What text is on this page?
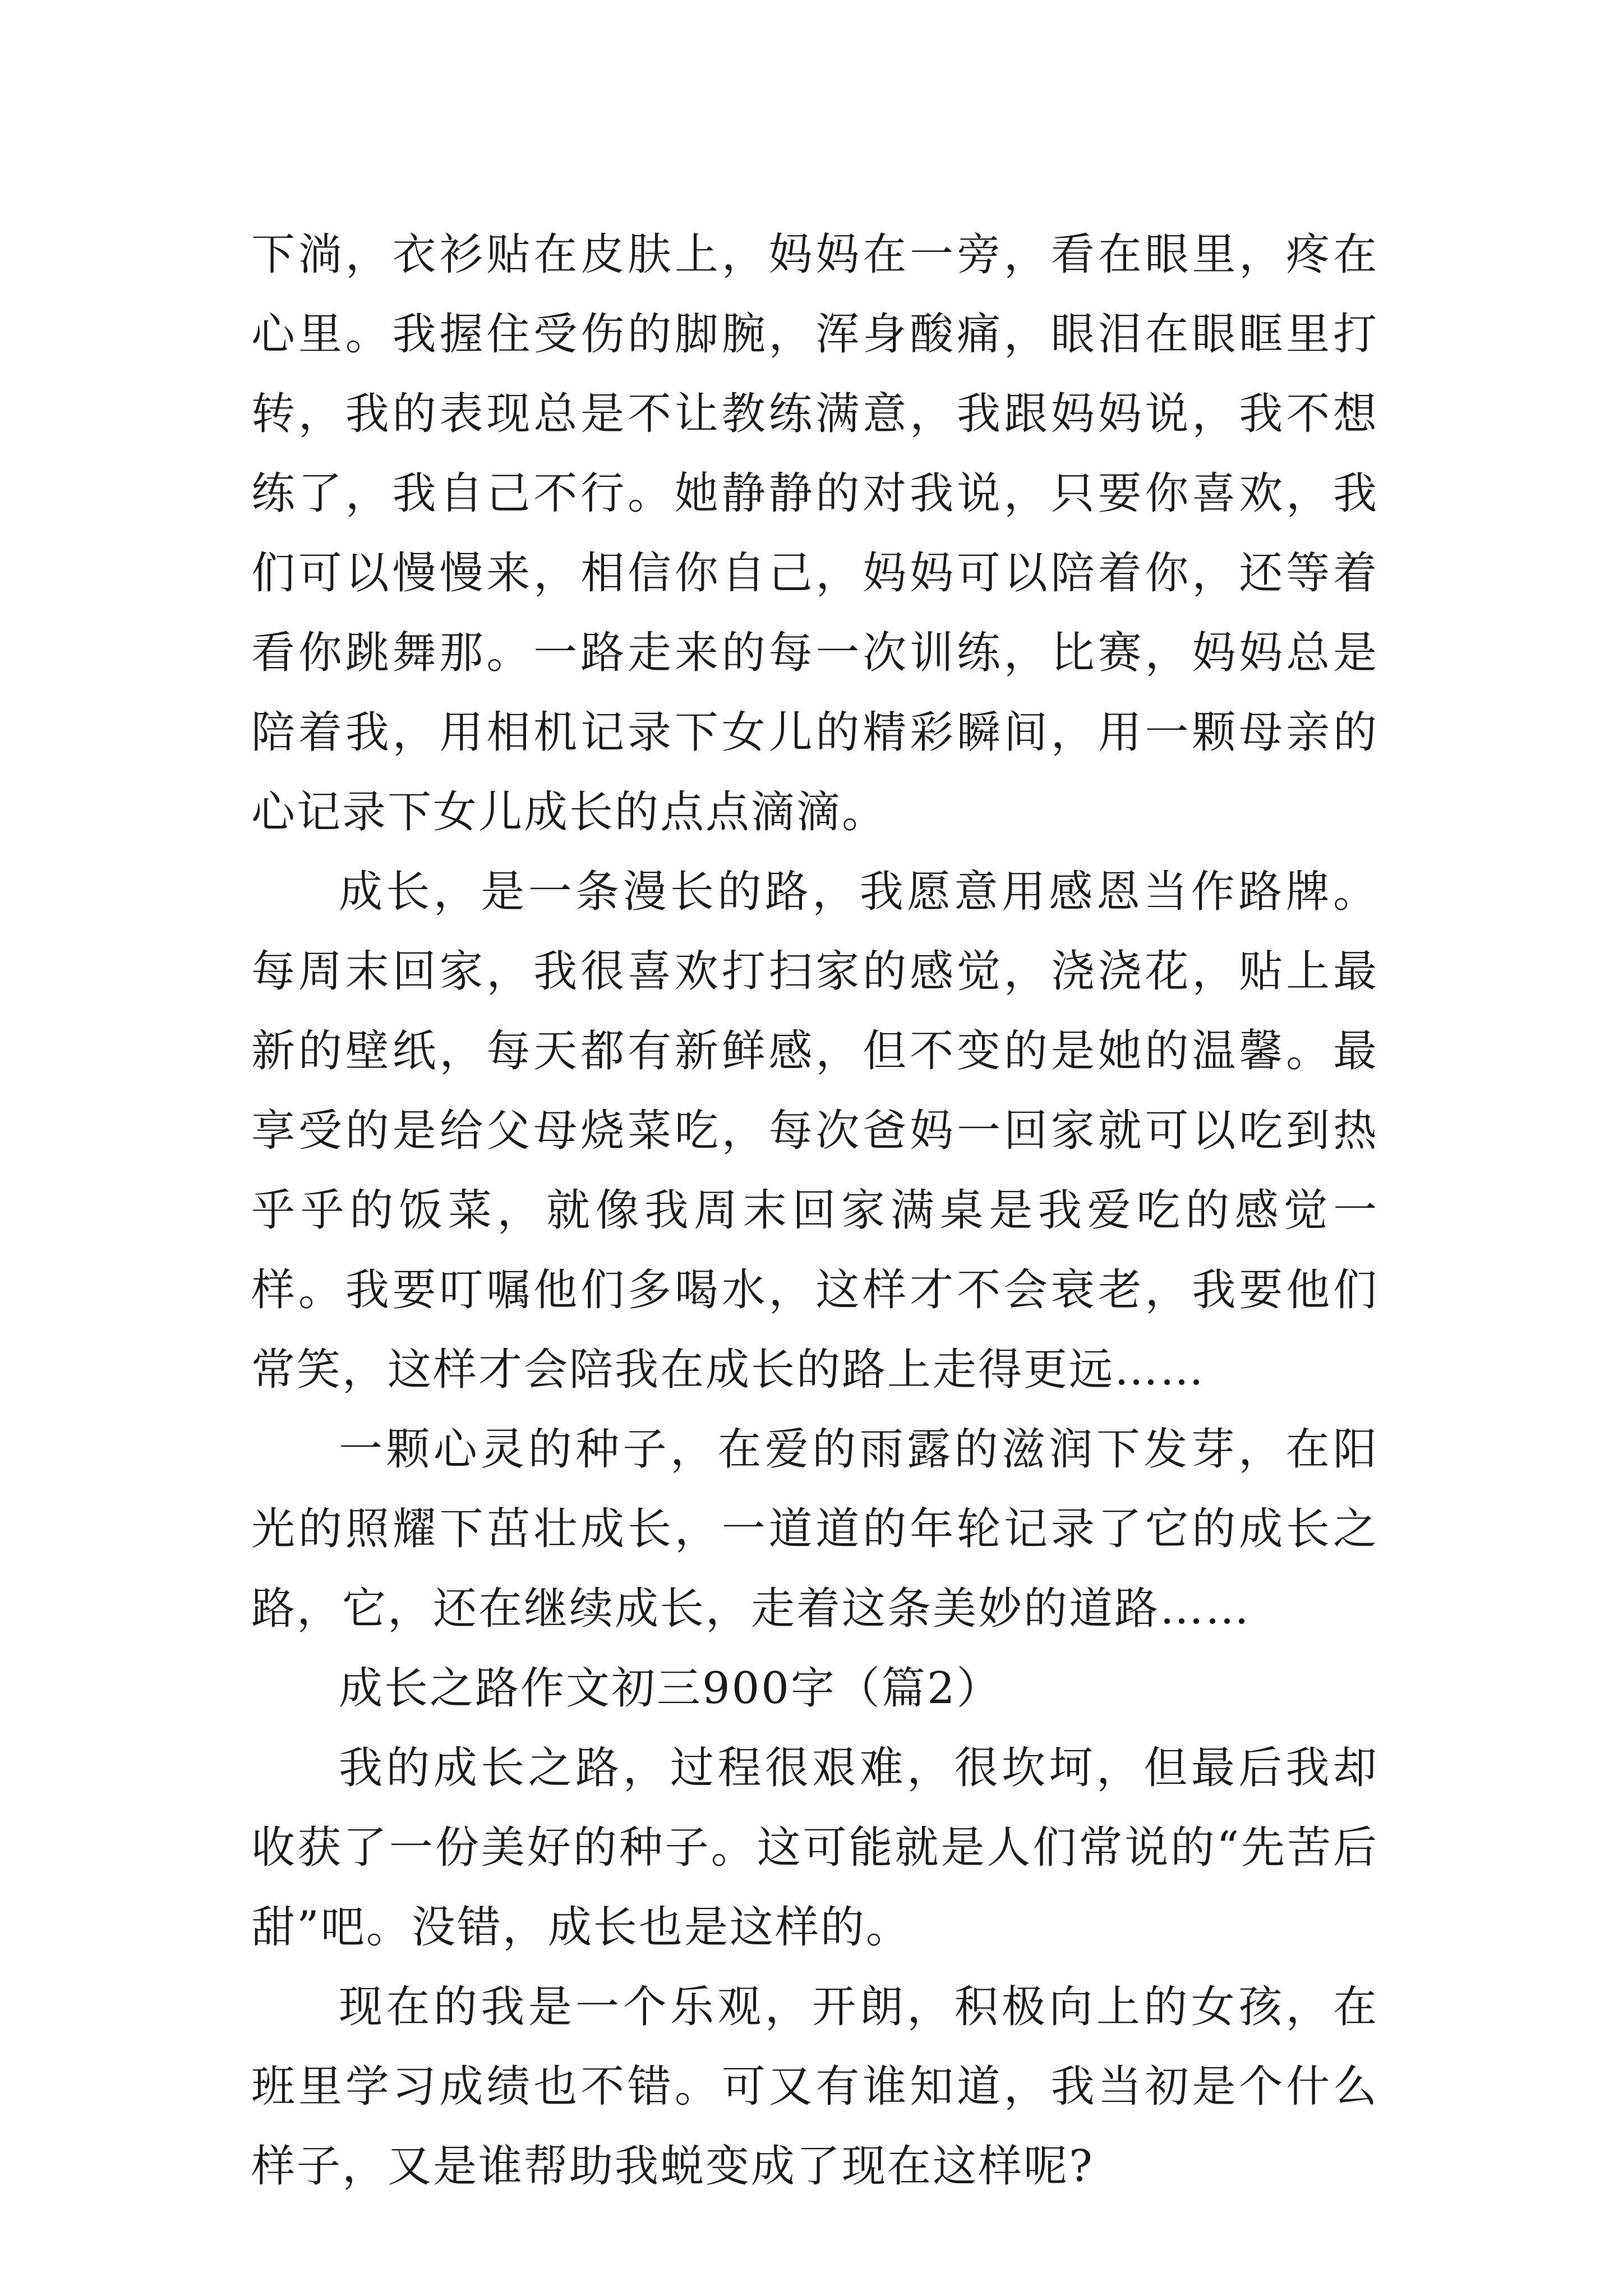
下淌，衣衫贴在皮肤上，妈妈在一旁，看在眼里，疼在心里。我握住受伤的脚腕，浑身酸痛，眼泪在眼眶里打转，我的表现总是不让教练满意，我跟妈妈说，我不想练了，我自己不行。她静静的对我说，只要你喜欢，我们可以慢慢来，相信你自己，妈妈可以陪着你，还等着看你跳舞那。一路走来的每一次训练，比赛，妈妈总是陪着我，用相机记录下女儿的精彩瞬间，用一颗母亲的心记录下女儿成长的点点滴滴。

成长，是一条漫长的路，我愿意用感恩当作路牌。每周末回家，我很喜欢打扫家的感觉，浇浇花，贴上最新的壁纸，每天都有新鲜感，但不变的是她的温馨。最享受的是给父母烧菜吃，每次爸妈一回家就可以吃到热乎乎的饭菜，就像我周末回家满桌是我爱吃的感觉一样。我要叮嘱他们多喝水，这样才不会衰老，我要他们常笑，这样才会陪我在成长的路上走得更远……

一颗心灵的种子，在爱的雨露的滋润下发芽，在阳光的照耀下茁壮成长，一道道的年轮记录了它的成长之路，它，还在继续成长，走着这条美妙的道路……

成长之路作文初三900字（篇2）

我的成长之路，过程很艰难，很坎坷，但最后我却收获了一份美好的种子。这可能就是人们常说的“先苦后甜”吧。没错，成长也是这样的。

现在的我是一个乐观，开朗，积极向上的女孩，在班里学习成绩也不错。可又有谁知道，我当初是个什么样子，又是谁帮助我蜕变成了现在这样呢?
